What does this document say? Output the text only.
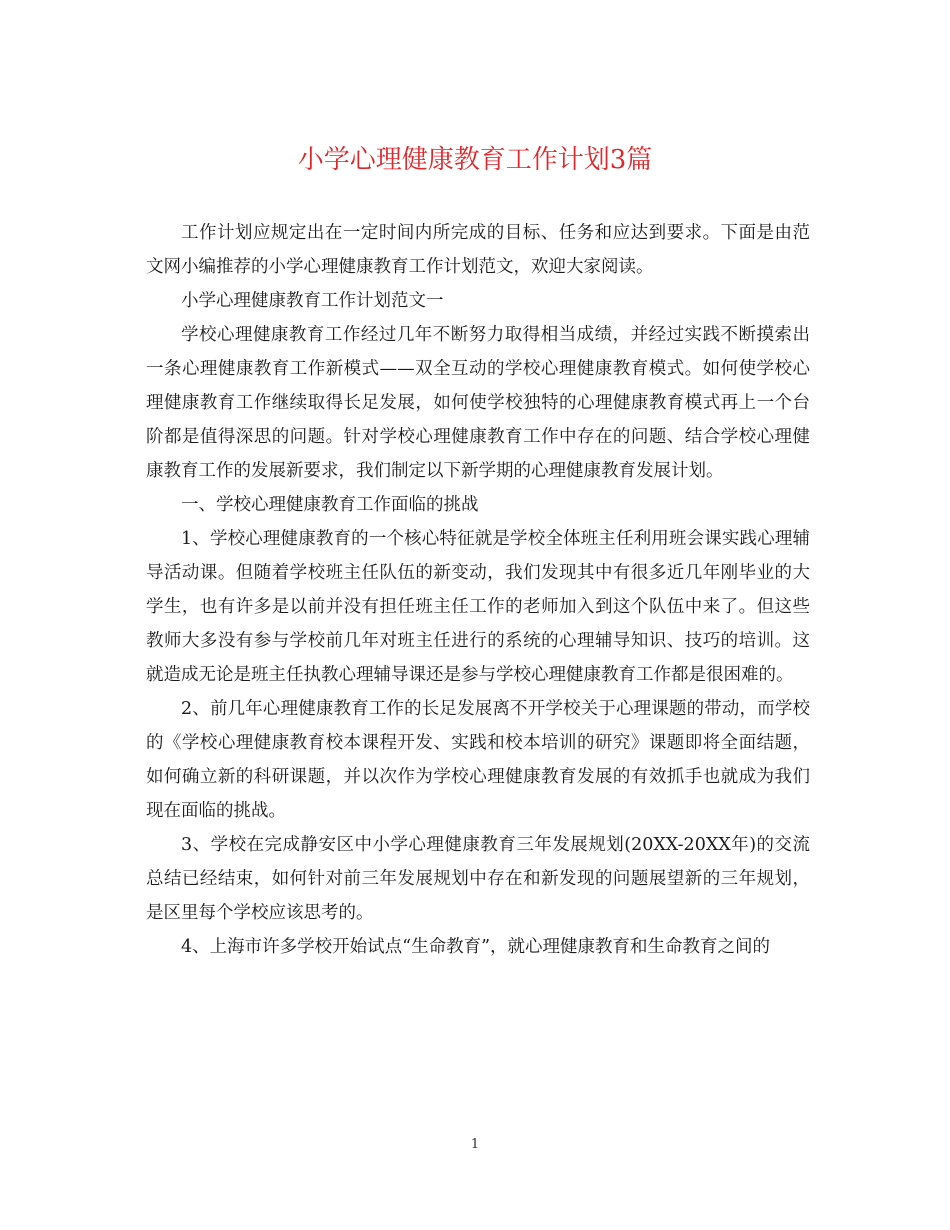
小学心理健康教育工作计划3篇

工作计划应规定出在一定时间内所完成的目标、任务和应达到要求。下面是由范文网小编推荐的小学心理健康教育工作计划范文，欢迎大家阅读。

小学心理健康教育工作计划范文一

学校心理健康教育工作经过几年不断努力取得相当成绩，并经过实践不断摸索出一条心理健康教育工作新模式——双全互动的学校心理健康教育模式。如何使学校心理健康教育工作继续取得长足发展，如何使学校独特的心理健康教育模式再上一个台阶都是值得深思的问题。针对学校心理健康教育工作中存在的问题、结合学校心理健康教育工作的发展新要求，我们制定以下新学期的心理健康教育发展计划。

一、学校心理健康教育工作面临的挑战

1、学校心理健康教育的一个核心特征就是学校全体班主任利用班会课实践心理辅导活动课。但随着学校班主任队伍的新变动，我们发现其中有很多近几年刚毕业的大学生，也有许多是以前并没有担任班主任工作的老师加入到这个队伍中来了。但这些教师大多没有参与学校前几年对班主任进行的系统的心理辅导知识、技巧的培训。这就造成无论是班主任执教心理辅导课还是参与学校心理健康教育工作都是很困难的。

2、前几年心理健康教育工作的长足发展离不开学校关于心理课题的带动，而学校的《学校心理健康教育校本课程开发、实践和校本培训的研究》课题即将全面结题，如何确立新的科研课题，并以次作为学校心理健康教育发展的有效抓手也就成为我们现在面临的挑战。

3、学校在完成静安区中小学心理健康教育三年发展规划(20XX-20XX年)的交流总结已经结束，如何针对前三年发展规划中存在和新发现的问题展望新的三年规划，是区里每个学校应该思考的。

4、上海市许多学校开始试点“生命教育”，就心理健康教育和生命教育之间的

1
